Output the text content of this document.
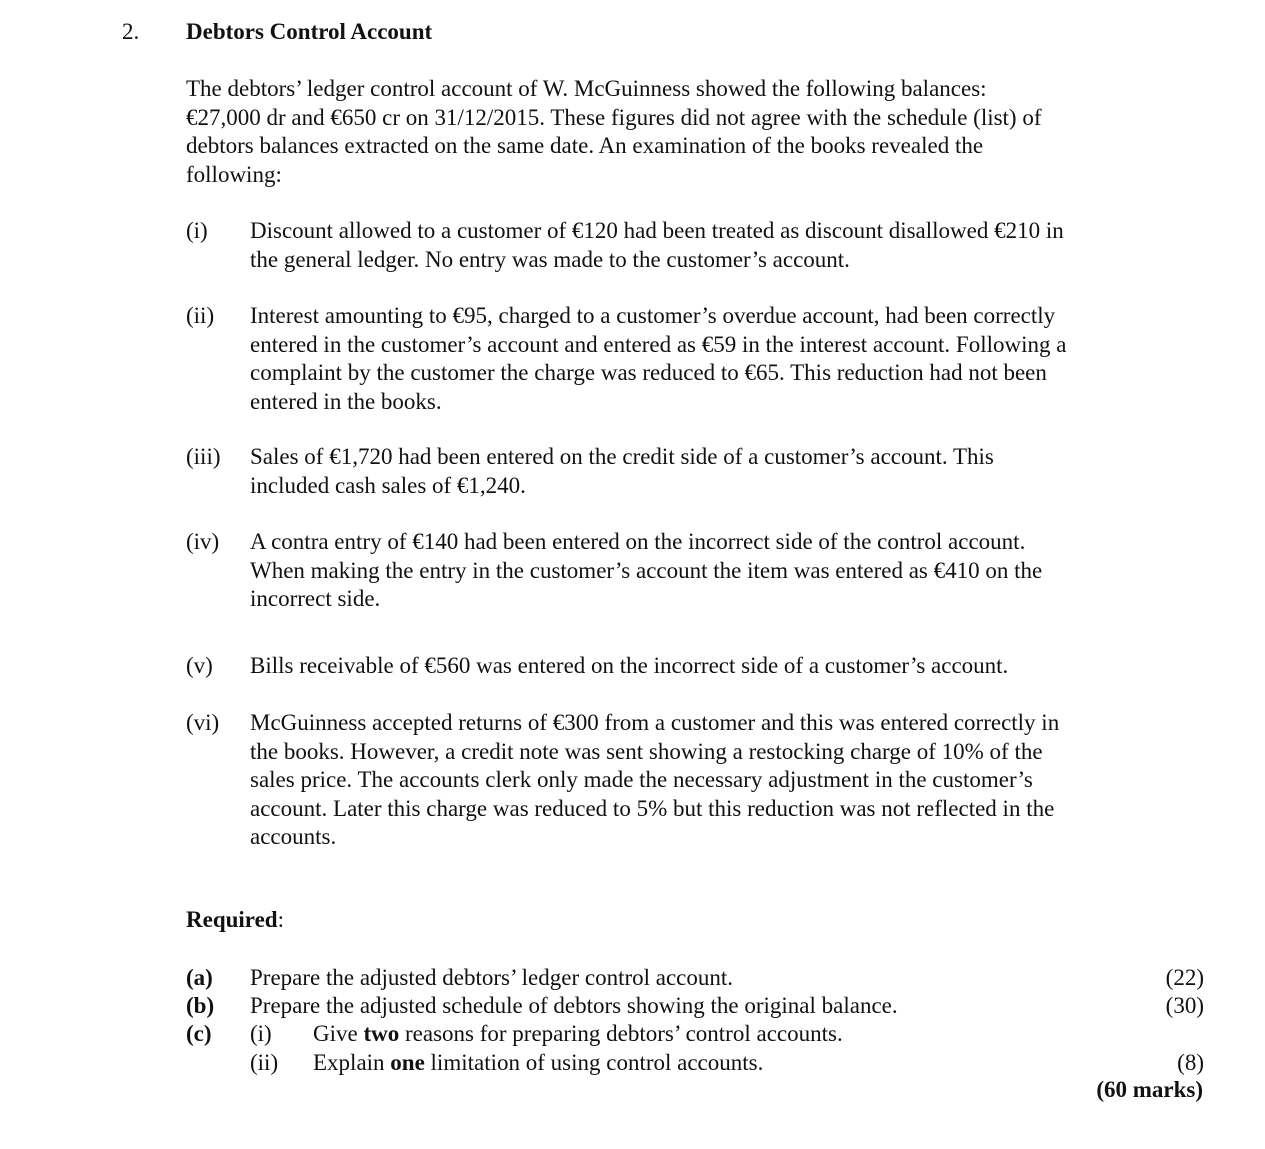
2. Debtors Control Account
The debtors’ ledger control account of W. McGuinness showed the following balances:
€27,000 dr and €650 cr on 31/12/2015. These figures did not agree with the schedule (list) of
debtors balances extracted on the same date. An examination of the books revealed the
following:
(i) Discount allowed to a customer of €120 had been treated as discount disallowed €210 in
the general ledger. No entry was made to the customer’s account.
(ii) Interest amounting to €95, charged to a customer’s overdue account, had been correctly
entered in the customer’s account and entered as €59 in the interest account. Following a
complaint by the customer the charge was reduced to €65. This reduction had not been
entered in the books.
(iii) Sales of €1,720 had been entered on the credit side of a customer’s account. This
included cash sales of €1,240.
(iv) A contra entry of €140 had been entered on the incorrect side of the control account.
When making the entry in the customer’s account the item was entered as €410 on the
incorrect side.
(v) Bills receivable of €560 was entered on the incorrect side of a customer’s account.
(vi) McGuinness accepted returns of €300 from a customer and this was entered correctly in
the books. However, a credit note was sent showing a restocking charge of 10% of the
sales price. The accounts clerk only made the necessary adjustment in the customer’s
account. Later this charge was reduced to 5% but this reduction was not reflected in the
accounts.
Required:
(a) Prepare the adjusted debtors’ ledger control account.	(22)
(b) Prepare the adjusted schedule of debtors showing the original balance.	(30)
(c) (i) Give two reasons for preparing debtors’ control accounts.
(ii) Explain one limitation of using control accounts.	(8)
(60 marks)
